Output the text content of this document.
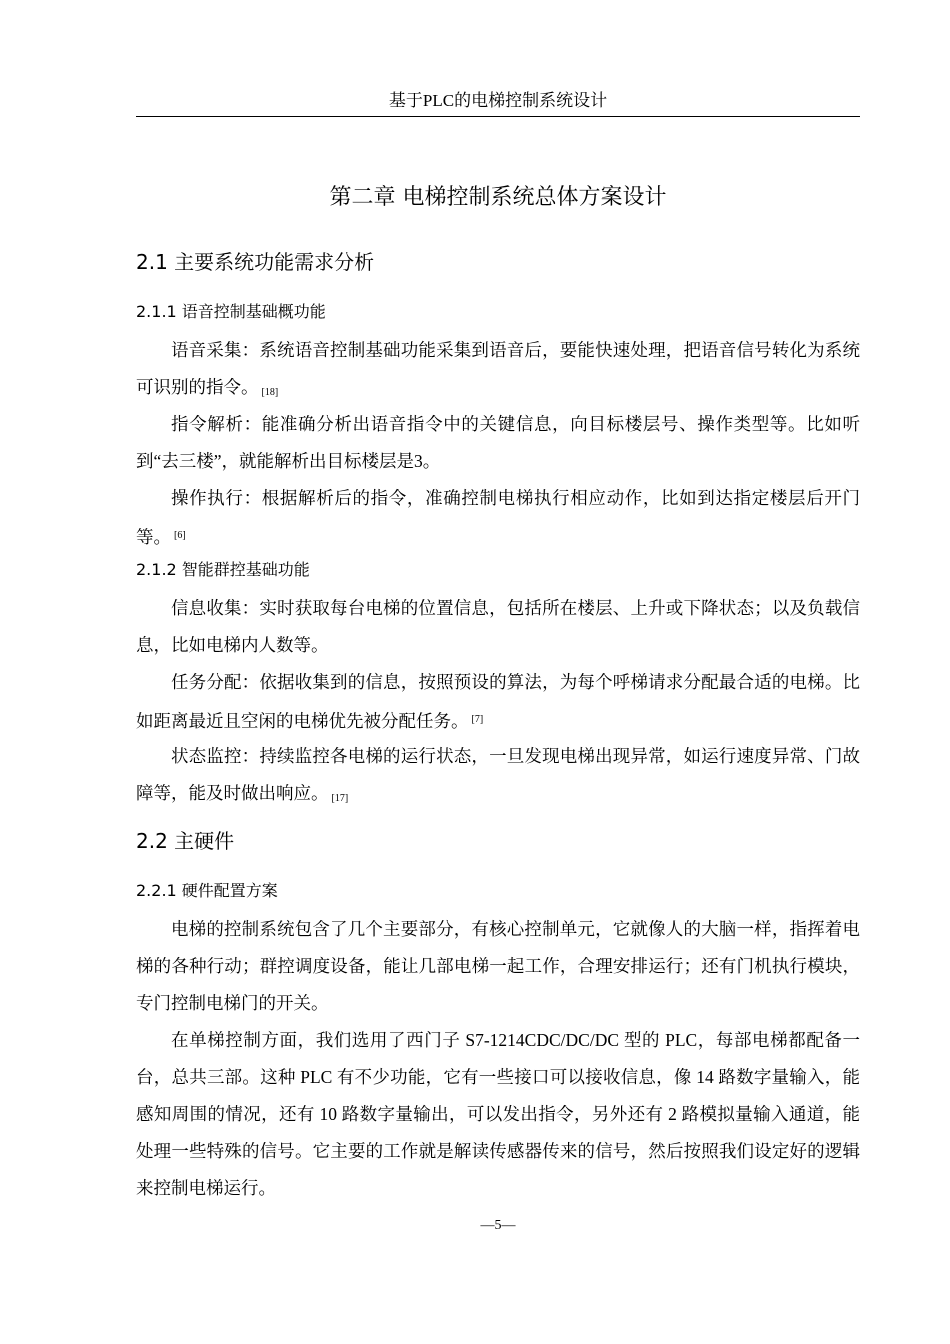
基于PLC的电梯控制系统设计
第二章 电梯控制系统总体方案设计
2.1 主要系统功能需求分析
2.1.1 语音控制基础概功能

语音采集：系统语音控制基础功能采集到语音后，要能快速处理，把语音信号转化为系统可识别的指令。 [18]

指令解析：能准确分析出语音指令中的关键信息，向目标楼层号、操作类型等。比如听到“去三楼”，就能解析出目标楼层是3。

操作执行：根据解析后的指令，准确控制电梯执行相应动作，比如到达指定楼层后开门等。 [6]

2.1.2 智能群控基础功能

信息收集：实时获取每台电梯的位置信息，包括所在楼层、上升或下降状态；以及负载信息，比如电梯内人数等。

任务分配：依据收集到的信息，按照预设的算法，为每个呼梯请求分配最合适的电梯。比如距离最近且空闲的电梯优先被分配任务。 [7]

状态监控：持续监控各电梯的运行状态，一旦发现电梯出现异常，如运行速度异常、门故障等，能及时做出响应。 [17]

2.2 主硬件
2.2.1 硬件配置方案

电梯的控制系统包含了几个主要部分，有核心控制单元，它就像人的大脑一样，指挥着电梯的各种行动；群控调度设备，能让几部电梯一起工作，合理安排运行；还有门机执行模块，专门控制电梯门的开关。

在单梯控制方面，我们选用了西门子 S7-1214CDC/DC/DC 型的 PLC，每部电梯都配备一台，总共三部。这种 PLC 有不少功能，它有一些接口可以接收信息，像 14 路数字量输入，能感知周围的情况，还有 10 路数字量输出，可以发出指令，另外还有 2 路模拟量输入通道，能处理一些特殊的信号。它主要的工作就是解读传感器传来的信号，然后按照我们设定好的逻辑来控制电梯运行。

—5—
